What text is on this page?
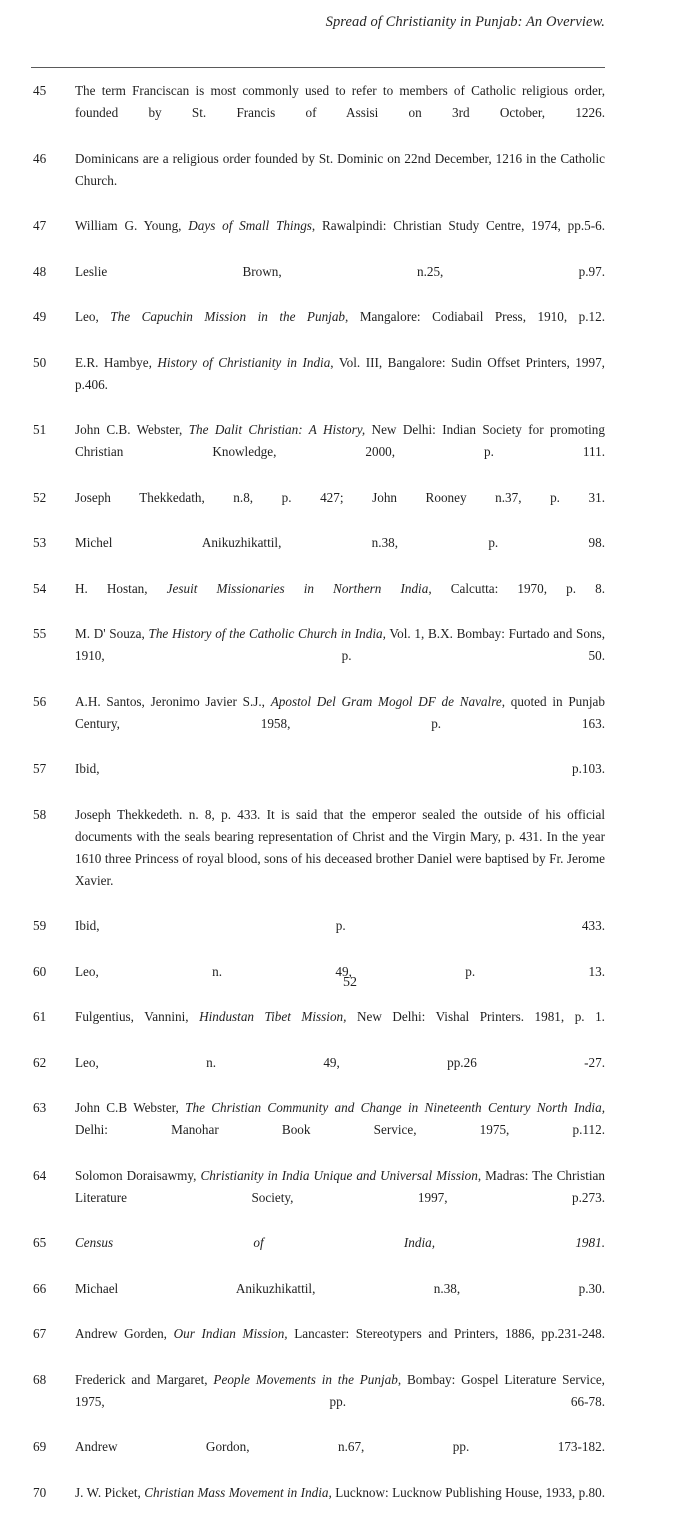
Spread of Christianity in Punjab: An Overview.
45	The term Franciscan is most commonly used to refer to members of Catholic religious order, founded by St. Francis of Assisi on 3rd October, 1226.
46	Dominicans are a religious order founded by St. Dominic on 22nd December, 1216 in the Catholic Church.
47	William G. Young, Days of Small Things, Rawalpindi: Christian Study Centre, 1974, pp.5-6.
48	Leslie Brown, n.25, p.97.
49	Leo, The Capuchin Mission in the Punjab, Mangalore: Codiabail Press, 1910, p.12.
50	E.R. Hambye, History of Christianity in India, Vol. III, Bangalore: Sudin Offset Printers, 1997, p.406.
51	John C.B. Webster, The Dalit Christian: A History, New Delhi: Indian Society for promoting Christian Knowledge, 2000, p. 111.
52	Joseph Thekkedath, n.8, p. 427; John Rooney n.37, p. 31.
53	Michel Anikuzhikattil, n.38, p. 98.
54	H. Hostan, Jesuit Missionaries in Northern India, Calcutta: 1970, p. 8.
55	M. D' Souza, The History of the Catholic Church in India, Vol. 1, B.X. Bombay: Furtado and Sons, 1910, p. 50.
56	A.H. Santos, Jeronimo Javier S.J., Apostol Del Gram Mogol DF de Navalre, quoted in Punjab Century, 1958, p. 163.
57	Ibid, p.103.
58	Joseph Thekkedeth. n. 8, p. 433. It is said that the emperor sealed the outside of his official documents with the seals bearing representation of Christ and the Virgin Mary, p. 431. In the year 1610 three Princess of royal blood, sons of his deceased brother Daniel were baptised by Fr. Jerome Xavier.
59	Ibid, p. 433.
60	Leo, n. 49, p. 13.
61	Fulgentius, Vannini, Hindustan Tibet Mission, New Delhi: Vishal Printers. 1981, p. 1.
62	Leo, n. 49, pp.26 -27.
63	John C.B Webster, The Christian Community and Change in Nineteenth Century North India, Delhi: Manohar Book Service, 1975, p.112.
64	Solomon Doraisawmy, Christianity in India Unique and Universal Mission, Madras: The Christian Literature Society, 1997, p.273.
65	Census of India, 1981.
66	Michael Anikuzhikattil, n.38, p.30.
67	Andrew Gorden, Our Indian Mission, Lancaster: Stereotypers and Printers, 1886, pp.231-248.
68	Frederick and Margaret, People Movements in the Punjab, Bombay: Gospel Literature Service, 1975, pp. 66-78.
69	Andrew Gordon, n.67, pp. 173-182.
70	J. W. Picket, Christian Mass Movement in India, Lucknow: Lucknow Publishing House, 1933, p.80.
52
